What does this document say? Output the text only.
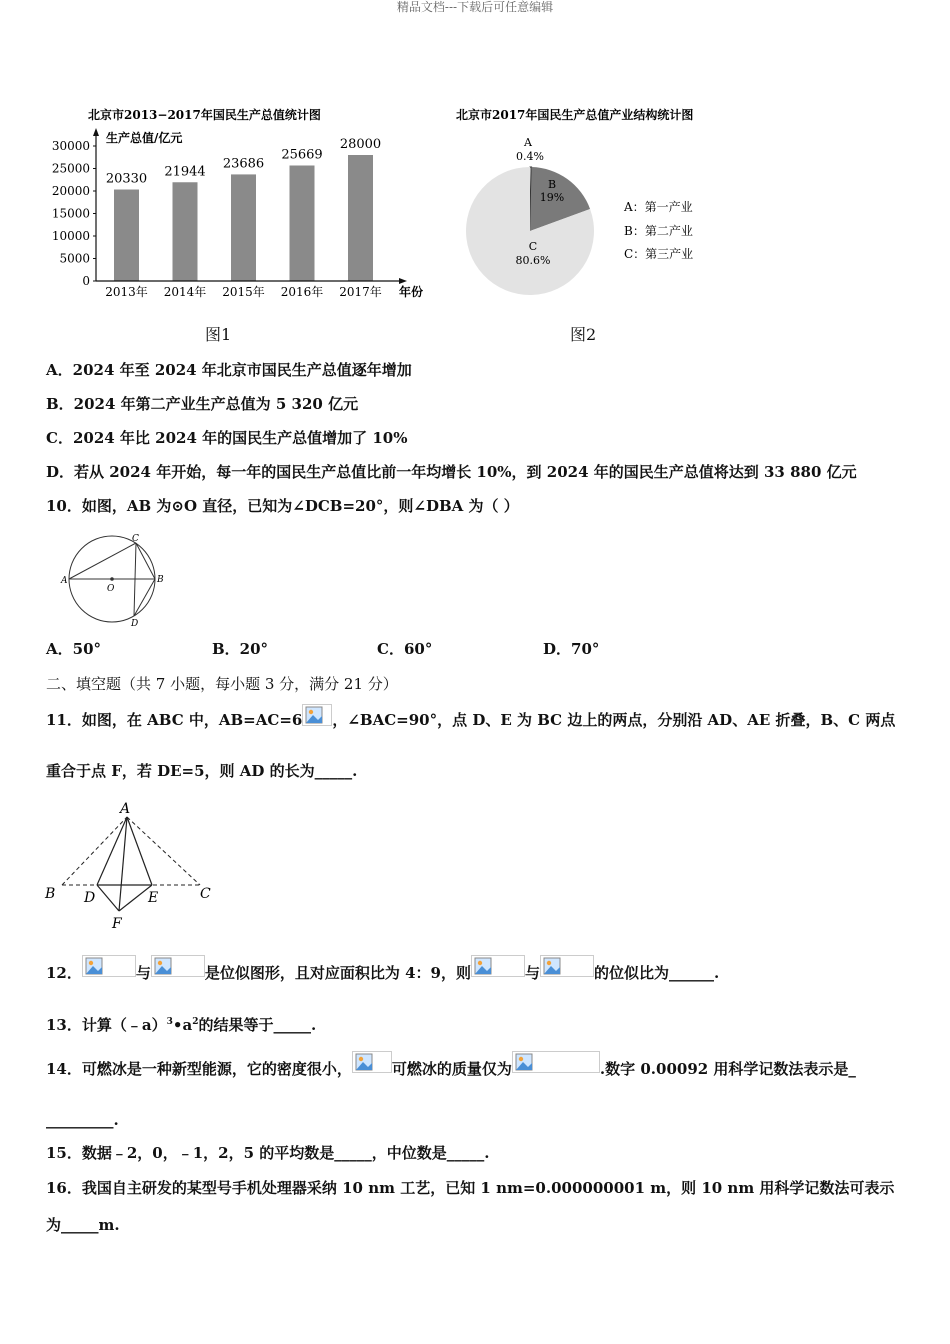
精品文档---下载后可任意编辑
北京市2013−2017年国民生产总值统计图
生产总值/亿元
30000
25000
20000
15000
10000
5000
0
20330
2013年
21944
2014年
23686
2015年
25669
2016年
28000
2017年 年份
图1
北京市2017年国民生产总值产业结构统计图
A
0.4%
B
19%
C
80.6%
A：第一产业
B：第二产业
C：第三产业
图2
A．2024 年至 2024 年北京市国民生产总值逐年增加
B．2024 年第二产业生产总值为 5 320 亿元
C．2024 年比 2024 年的国民生产总值增加了 10%
D．若从 2024 年开始，每一年的国民生产总值比前一年均增长 10%，到 2024 年的国民生产总值将达到 33 880 亿元
10．如图，AB 为⊙O 直径，已知为∠DCB=20°，则∠DBA 为（ ）
A	B
C
D
O
A．50°	B．20°	C．60°	D．70°
二、填空题（共 7 小题，每小题 3 分，满分 21 分）
11．如图，在 ABC 中，AB=AC=6 ，∠BAC=90°，点 D、E 为 BC 边上的两点，分别沿 AD、AE 折叠，B、C 两点
重合于点 F，若 DE=5，则 AD 的长为_____.
A
B	C
D	E
F
12．	与	是位似图形，且对应面积比为 4：9，则	与	的位似比为______.
13．计算$(﹣a)^3•a^2$的结果等于_____.
14．可燃冰是一种新型能源，它的密度很小，	可燃冰的质量仅为	.数字 0.00092 用科学记数法表示是_
_________.
15．数据﹣2，0，﹣1，2，5 的平均数是_____，中位数是_____.
16．我国自主研发的某型号手机处理器采纳 10 nm 工艺，已知 1 nm=0.000000001 m，则 10 nm 用科学记数法可表示
为_____m.
